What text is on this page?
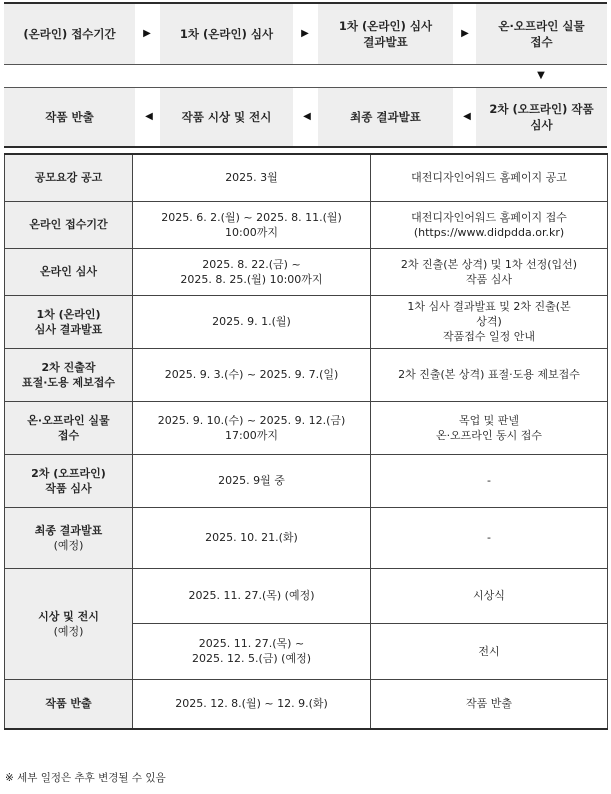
(온라인) 접수기간	▶	1차 (온라인) 심사	▶
1차 (온라인) 심사
결과발표
▶
온·오프라인 실물
접수
▼
작품 반출	◀	작품 시상 및 전시	◀	최종 결과발표	◀
2차 (오프라인) 작품
심사
공모요강 공고	2025. 3월	대전디자인어워드 홈페이지 공고
온라인 접수기간	2025. 6. 2.(월) ~ 2025. 8. 11.(월)
10:00까지	대전디자인어워드 홈페이지 접수
(https://www.didpdda.or.kr)
온라인 심사	2025. 8. 22.(금) ~
2025. 8. 25.(월) 10:00까지	2차 진출(본 상격) 및 1차 선정(입선)
작품 심사
1차 (온라인)
심사 결과발표	2025. 9. 1.(월)	1차 심사 결과발표 및 2차 진출(본
상격)
작품접수 일정 안내
2차 진출작
표절·도용 제보접수	2025. 9. 3.(수) ~ 2025. 9. 7.(일)	2차 진출(본 상격) 표절·도용 제보접수
온·오프라인 실물
접수	2025. 9. 10.(수) ~ 2025. 9. 12.(금)
17:00까지	목업 및 판넬
온·오프라인 동시 접수
2차 (오프라인)
작품 심사	2025. 9월 중	-

최종 결과발표

(예정)	2025. 10. 21.(화)	-

시상 및 전시

(예정)	2025. 11. 27.(목) (예정)	시상식
	2025. 11. 27.(목) ~
2025. 12. 5.(금) (예정)	전시
작품 반출	2025. 12. 8.(월) ~ 12. 9.(화)	작품 반출
※ 세부 일정은 추후 변경될 수 있음
